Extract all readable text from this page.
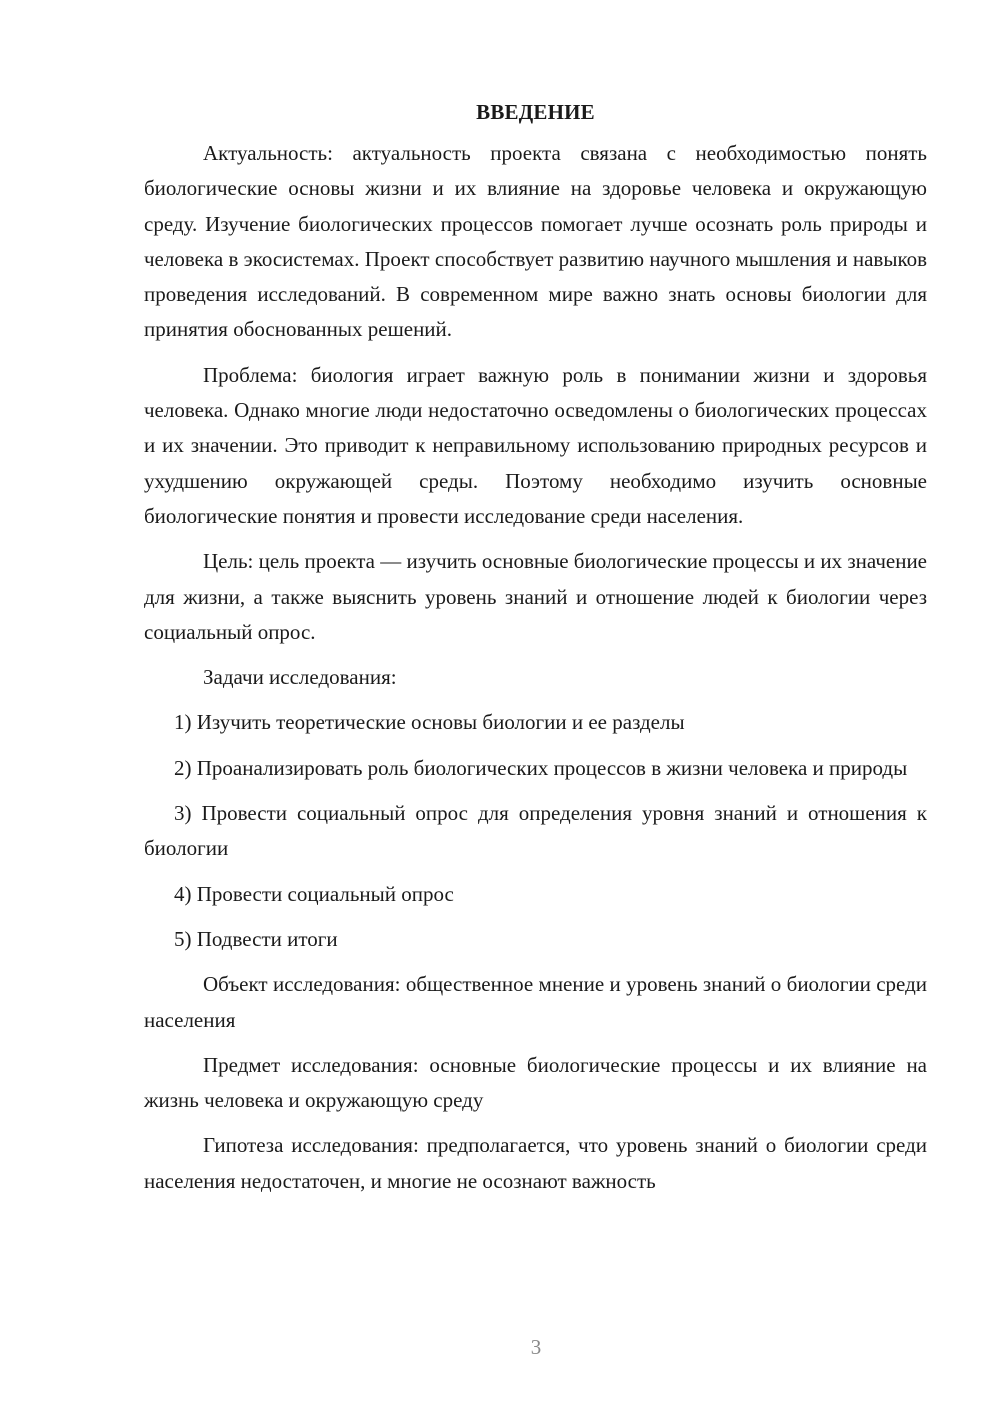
ВВЕДЕНИЕ

Актуальность: актуальность проекта связана с необходимостью понять биологические основы жизни и их влияние на здоровье человека и окружающую среду. Изучение биологических процессов помогает лучше осознать роль природы и человека в экосистемах. Проект способствует развитию научного мышления и навыков проведения исследований. В современном мире важно знать основы биологии для принятия обоснованных решений.

Проблема: биология играет важную роль в понимании жизни и здоровья человека. Однако многие люди недостаточно осведомлены о биологических процессах и их значении. Это приводит к неправильному использованию природных ресурсов и ухудшению окружающей среды. Поэтому необходимо изучить основные биологические понятия и провести исследование среди населения.

Цель: цель проекта — изучить основные биологические процессы и их значение для жизни, а также выяснить уровень знаний и отношение людей к биологии через социальный опрос.

Задачи исследования:

1) Изучить теоретические основы биологии и ее разделы

2) Проанализировать роль биологических процессов в жизни человека и природы

3) Провести социальный опрос для определения уровня знаний и отношения к биологии

4) Провести социальный опрос

5) Подвести итоги

Объект исследования: общественное мнение и уровень знаний о биологии среди населения

Предмет исследования: основные биологические процессы и их влияние на жизнь человека и окружающую среду

Гипотеза исследования: предполагается, что уровень знаний о биологии среди населения недостаточен, и многие не осознают важность

3
